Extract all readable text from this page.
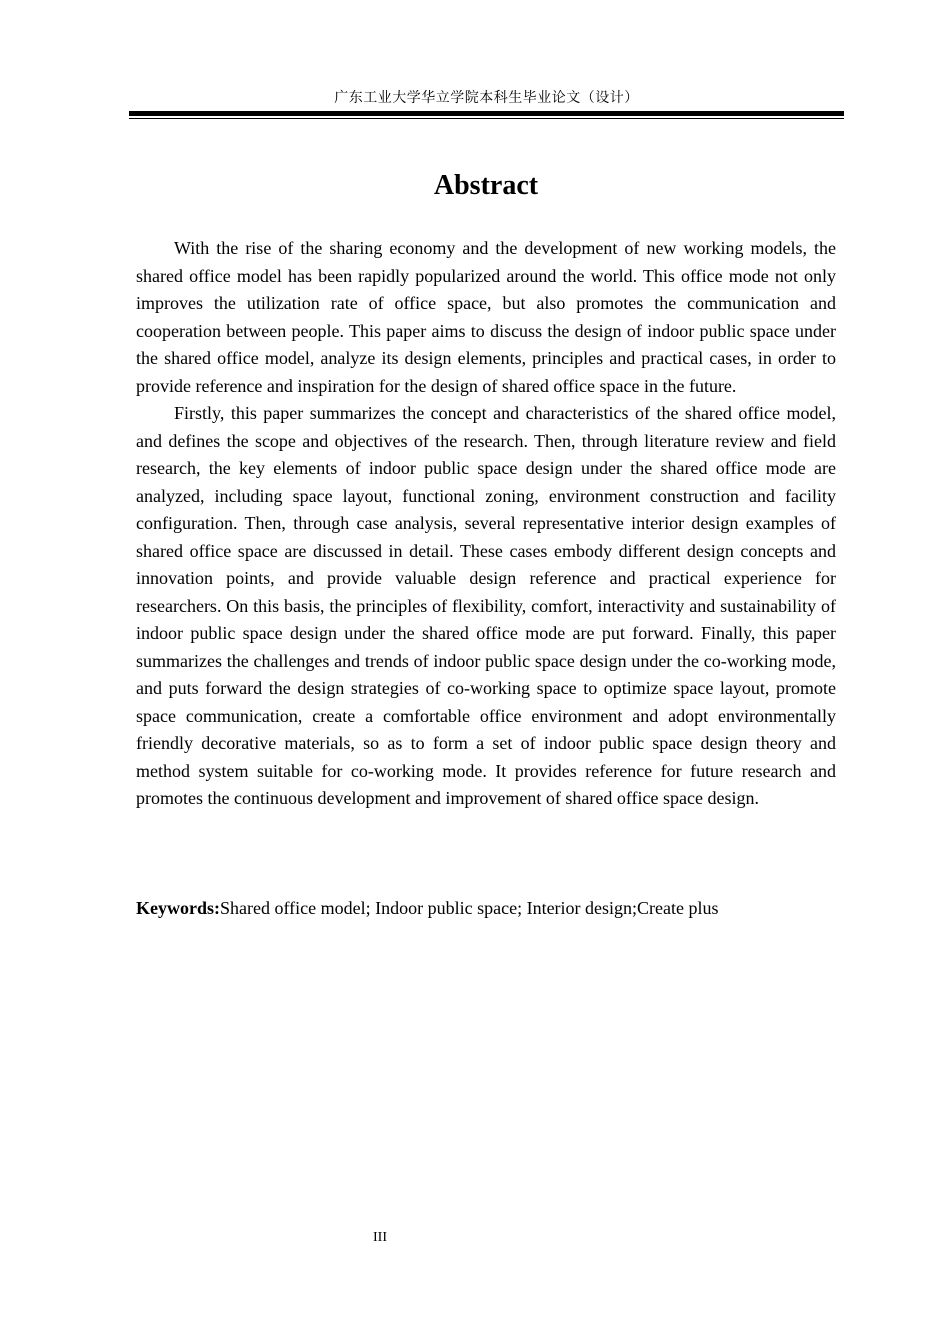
广东工业大学华立学院本科生毕业论文（设计）
Abstract

With the rise of the sharing economy and the development of new working models, the shared office model has been rapidly popularized around the world. This office mode not only improves the utilization rate of office space, but also promotes the communication and cooperation between people. This paper aims to discuss the design of indoor public space under the shared office model, analyze its design elements, principles and practical cases, in order to provide reference and inspiration for the design of shared office space in the future.

Firstly, this paper summarizes the concept and characteristics of the shared office model, and defines the scope and objectives of the research. Then, through literature review and field research, the key elements of indoor public space design under the shared office mode are analyzed, including space layout, functional zoning, environment construction and facility configuration. Then, through case analysis, several representative interior design examples of shared office space are discussed in detail. These cases embody different design concepts and innovation points, and provide valuable design reference and practical experience for researchers. On this basis, the principles of flexibility, comfort, interactivity and sustainability of indoor public space design under the shared office mode are put forward. Finally, this paper summarizes the challenges and trends of indoor public space design under the co-working mode, and puts forward the design strategies of co-working space to optimize space layout, promote space communication, create a comfortable office environment and adopt environmentally friendly decorative materials, so as to form a set of indoor public space design theory and method system suitable for co-working mode. It provides reference for future research and promotes the continuous development and improvement of shared office space design.

Keywords:Shared office model; Indoor public space; Interior design;Create plus
III
